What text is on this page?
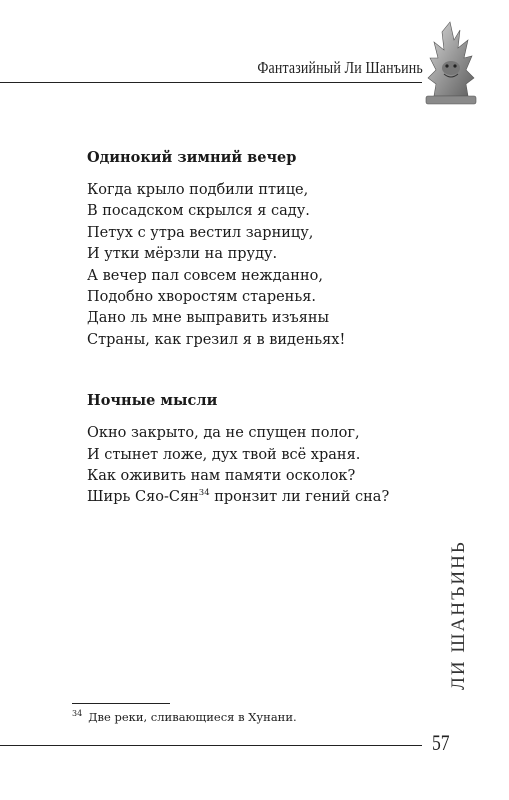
Фантазийный Ли Шанъинь
Одинокий зимний вечер
Когда крыло подбили птице,
В посадском скрылся я саду.
Петух с утра вестил зарницу,
И утки мёрзли на пруду.
А вечер пал совсем нежданно,
Подобно хворостям старенья.
Дано ль мне выправить изъяны
Страны, как грезил я в виденьях!
Ночные мысли
Окно закрыто, да не спущен полог,
И стынет ложе, дух твой всё храня.
Как оживить нам памяти осколок?
Ширь Сяо-Сян$^{34}$ пронзит ли гений сна?
$^{34}$ Две реки, сливающиеся в Хунани.
ЛИ ШАНЪИНЬ
57
